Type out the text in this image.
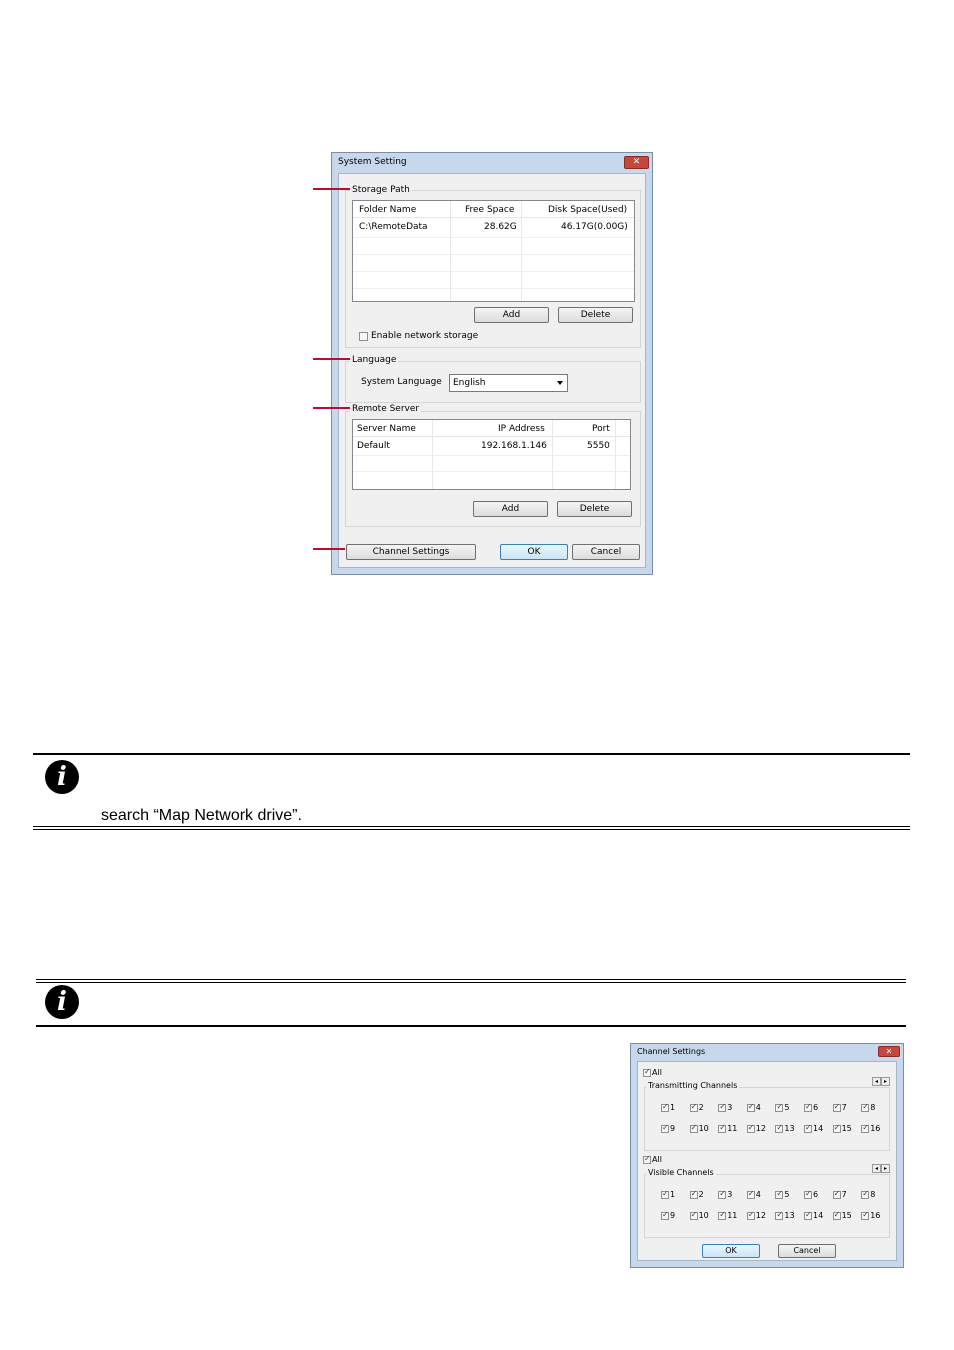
System Setting	✕
Storage Path
Folder Name	Free Space	Disk Space(Used)
C:\RemoteData	28.62G	46.17G(0.00G)
Add	Delete
Enable network storage
Language
System Language English
Remote Server
Server Name	IP Address	Port
Default	192.168.1.146	5550
Add	Delete
Channel Settings	OK	Cancel
i
search “Map Network drive”.
i
Channel Settings	✕
✓All
◂ ▸
Transmitting Channels
✓All
◂ ▸
Visible Channels
OK	Cancel
✓1 ✓	2 ✓	3 ✓	4 ✓	5 ✓	6 ✓	7 ✓	8
✓9 ✓	10 ✓	11 ✓	12 ✓	13 ✓	14 ✓	15 ✓	16
✓1 ✓	2 ✓	3 ✓	4 ✓	5 ✓	6 ✓	7 ✓	8
✓9 ✓	10 ✓	11 ✓	12 ✓	13 ✓	14 ✓	15 ✓	16
